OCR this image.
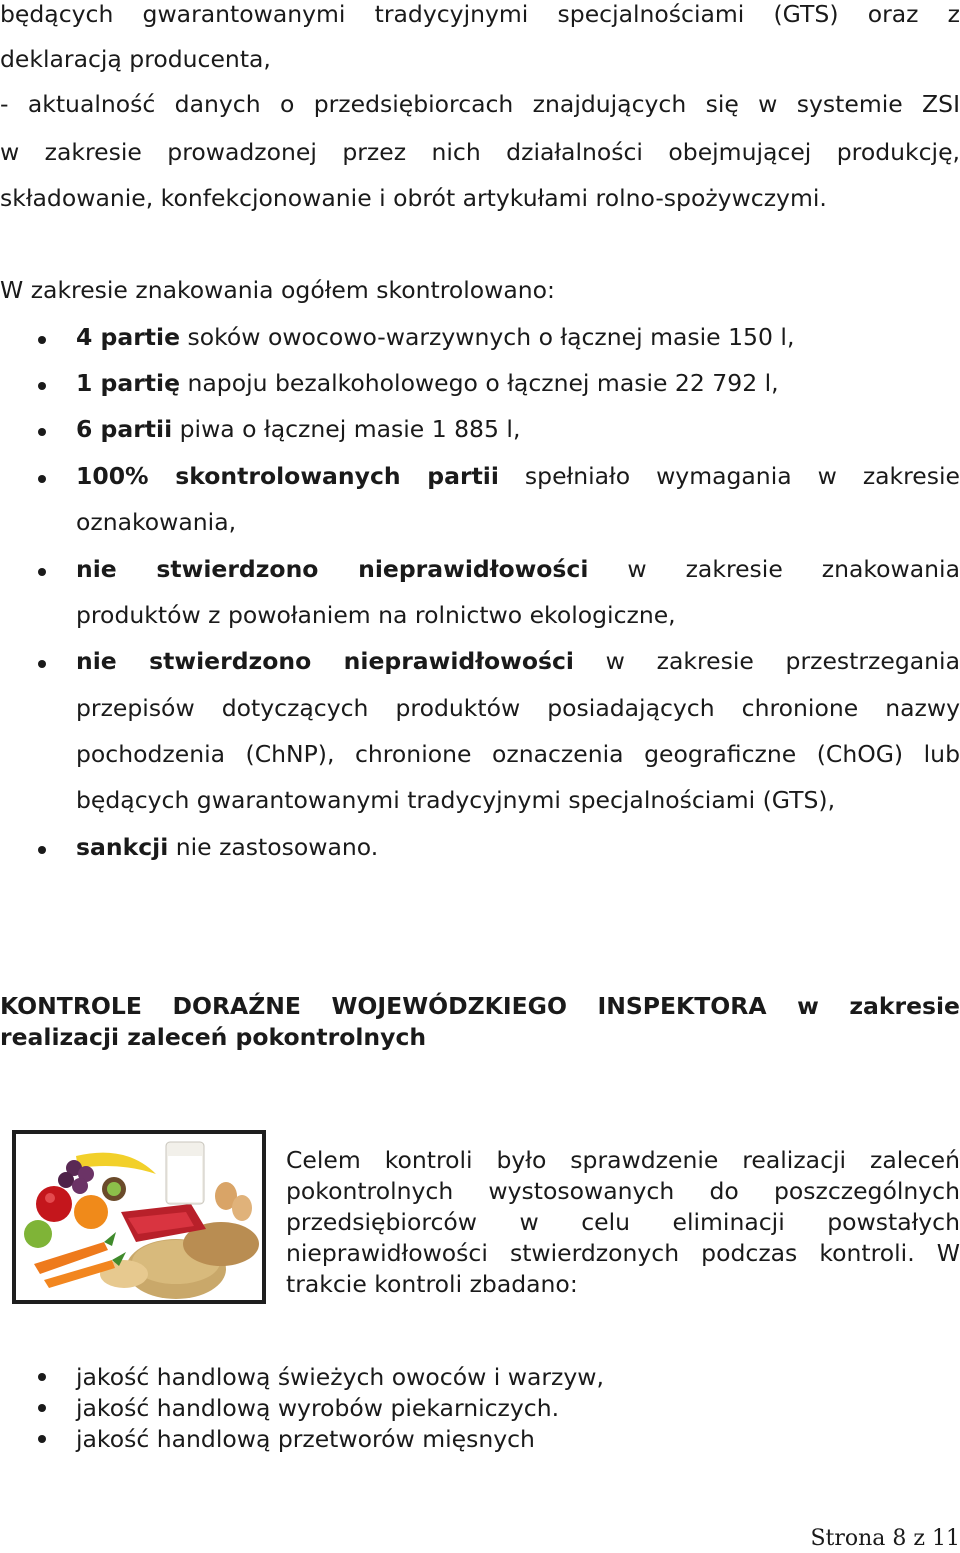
będących gwarantowanymi tradycyjnymi specjalnościami (GTS) oraz z

deklaracją producenta,

- aktualność danych o przedsiębiorcach znajdujących się w systemie ZSI

w zakresie prowadzonej przez nich działalności obejmującej produkcję,

składowanie, konfekcjonowanie i obrót artykułami rolno-spożywczymi.

W zakresie znakowania ogółem skontrolowano:

4 partie soków owocowo-warzywnych o łącznej masie 150 l,

1 partię napoju bezalkoholowego o łącznej masie 22 792 l,

6 partii piwa o łącznej masie 1 885 l,

100% skontrolowanych partii spełniało wymagania w zakresie

oznakowania,

nie stwierdzono nieprawidłowości w zakresie znakowania

produktów z powołaniem na rolnictwo ekologiczne,

nie stwierdzono nieprawidłowości w zakresie przestrzegania

przepisów dotyczących produktów posiadających chronione nazwy

pochodzenia (ChNP), chronione oznaczenia geograficzne (ChOG) lub

będących gwarantowanymi tradycyjnymi specjalnościami (GTS),

sankcji nie zastosowano.

KONTROLE DORAŹNE WOJEWÓDZKIEGO INSPEKTORA w zakresie

realizacji zaleceń pokontrolnych

Celem kontroli było sprawdzenie realizacji zaleceń

pokontrolnych wystosowanych do poszczególnych

przedsiębiorców w celu eliminacji powstałych

nieprawidłowości stwierdzonych podczas kontroli. W

trakcie kontroli zbadano:

jakość handlową świeżych owoców i warzyw,

jakość handlową wyrobów piekarniczych.

jakość handlową przetworów mięsnych

Strona 8 z 11
